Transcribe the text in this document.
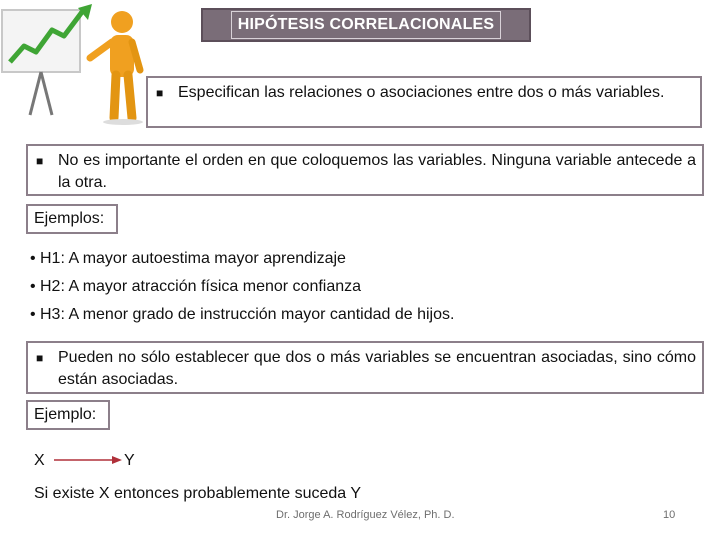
HIPÓTESIS CORRELACIONALES
■ Especifican las relaciones o asociaciones entre dos o más variables.
■ No es importante el orden en que coloquemos las variables. Ninguna variable antecede a la otra.
Ejemplos:
• H1: A mayor autoestima mayor aprendizaje
• H2: A mayor atracción física menor confianza
• H3: A menor grado de instrucción mayor cantidad de hijos.
■ Pueden no sólo establecer que dos o más variables se encuentran asociadas, sino cómo están asociadas.
Ejemplo:
X	Y
Si existe X entonces probablemente suceda Y
Dr. Jorge A. Rodríguez Vélez, Ph. D.	10
